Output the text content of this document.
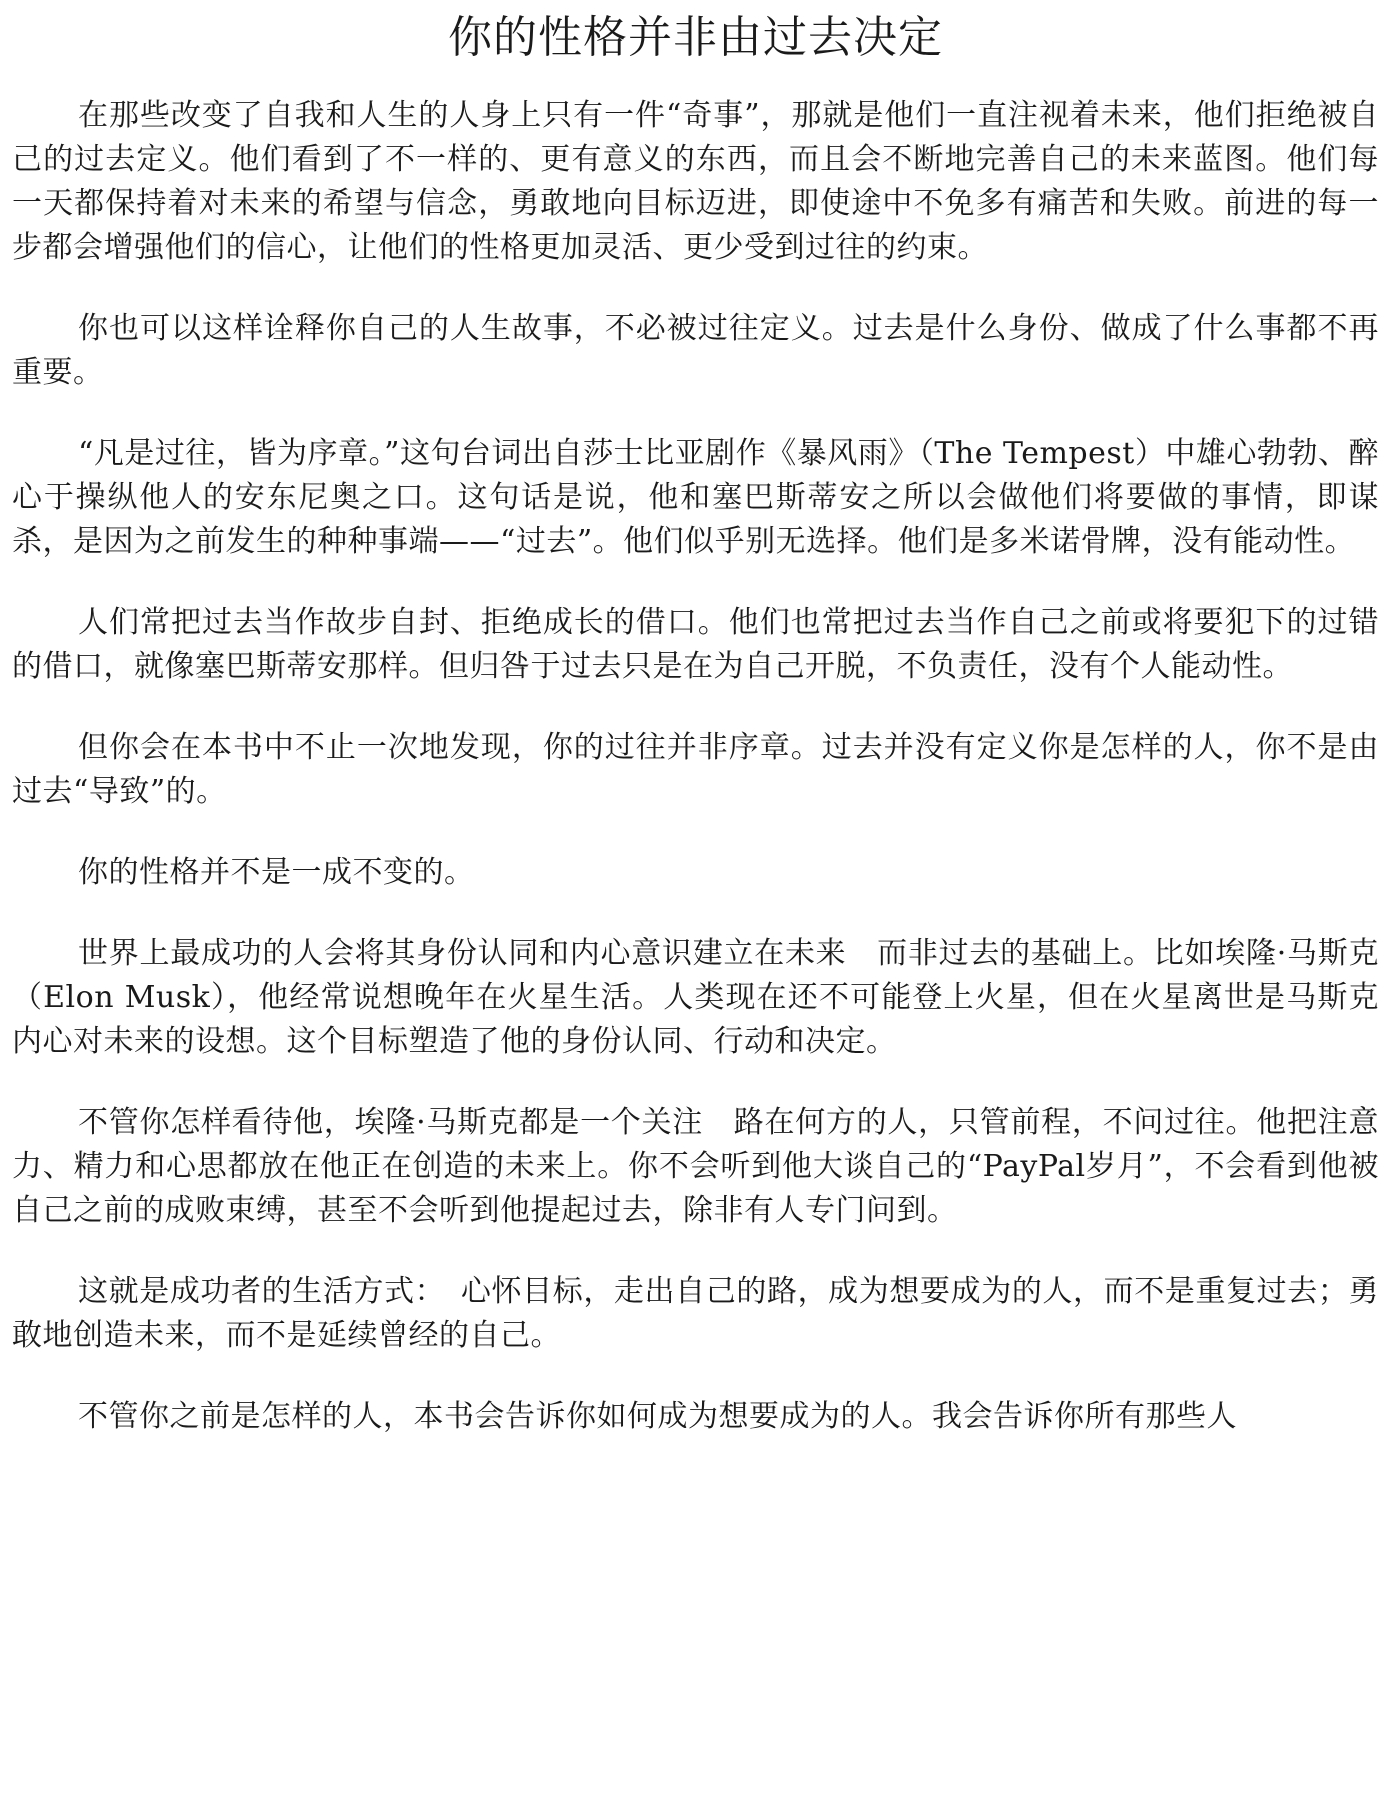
你的性格并非由过去决定

在那些改变了自我和人生的人身上只有一件“奇事”，那就是他们一直注视着未来，他们拒绝被自己的过去定义。他们看到了不一样的、更有意义的东西，而且会不断地完善自己的未来蓝图。他们每一天都保持着对未来的希望与信念，勇敢地向目标迈进，即使途中不免多有痛苦和失败。前进的每一步都会增强他们的信心，让他们的性格更加灵活、更少受到过往的约束。

你也可以这样诠释你自己的人生故事，不必被过往定义。过去是什么身份、做成了什么事都不再重要。

“凡是过往，皆为序章。”这句台词出自莎士比亚剧作《暴风雨》（The Tempest）中雄心勃勃、醉心于操纵他人的安东尼奥之口。这句话是说，他和塞巴斯蒂安之所以会做他们将要做的事情，即谋杀，是因为之前发生的种种事端——“过去”。他们似乎别无选择。他们是多米诺骨牌，没有能动性。

人们常把过去当作故步自封、拒绝成长的借口。他们也常把过去当作自己之前或将要犯下的过错的借口，就像塞巴斯蒂安那样。但归咎于过去只是在为自己开脱，不负责任，没有个人能动性。

但你会在本书中不止一次地发现，你的过往并非序章。过去并没有定义你是怎样的人，你不是由过去“导致”的。

你的性格并不是一成不变的。

世界上最成功的人会将其身份认同和内心意识建立在未来　而非过去的基础上。比如埃隆·马斯克（Elon Musk），他经常说想晚年在火星生活。人类现在还不可能登上火星，但在火星离世是马斯克内心对未来的设想。这个目标塑造了他的身份认同、行动和决定。

不管你怎样看待他，埃隆·马斯克都是一个关注　路在何方的人，只管前程，不问过往。他把注意力、精力和心思都放在他正在创造的未来上。你不会听到他大谈自己的“PayPal岁月”，不会看到他被自己之前的成败束缚，甚至不会听到他提起过去，除非有人专门问到。

这就是成功者的生活方式：　心怀目标，走出自己的路，成为想要成为的人，而不是重复过去；勇敢地创造未来，而不是延续曾经的自己。

不管你之前是怎样的人，本书会告诉你如何成为想要成为的人。我会告诉你所有那些人
